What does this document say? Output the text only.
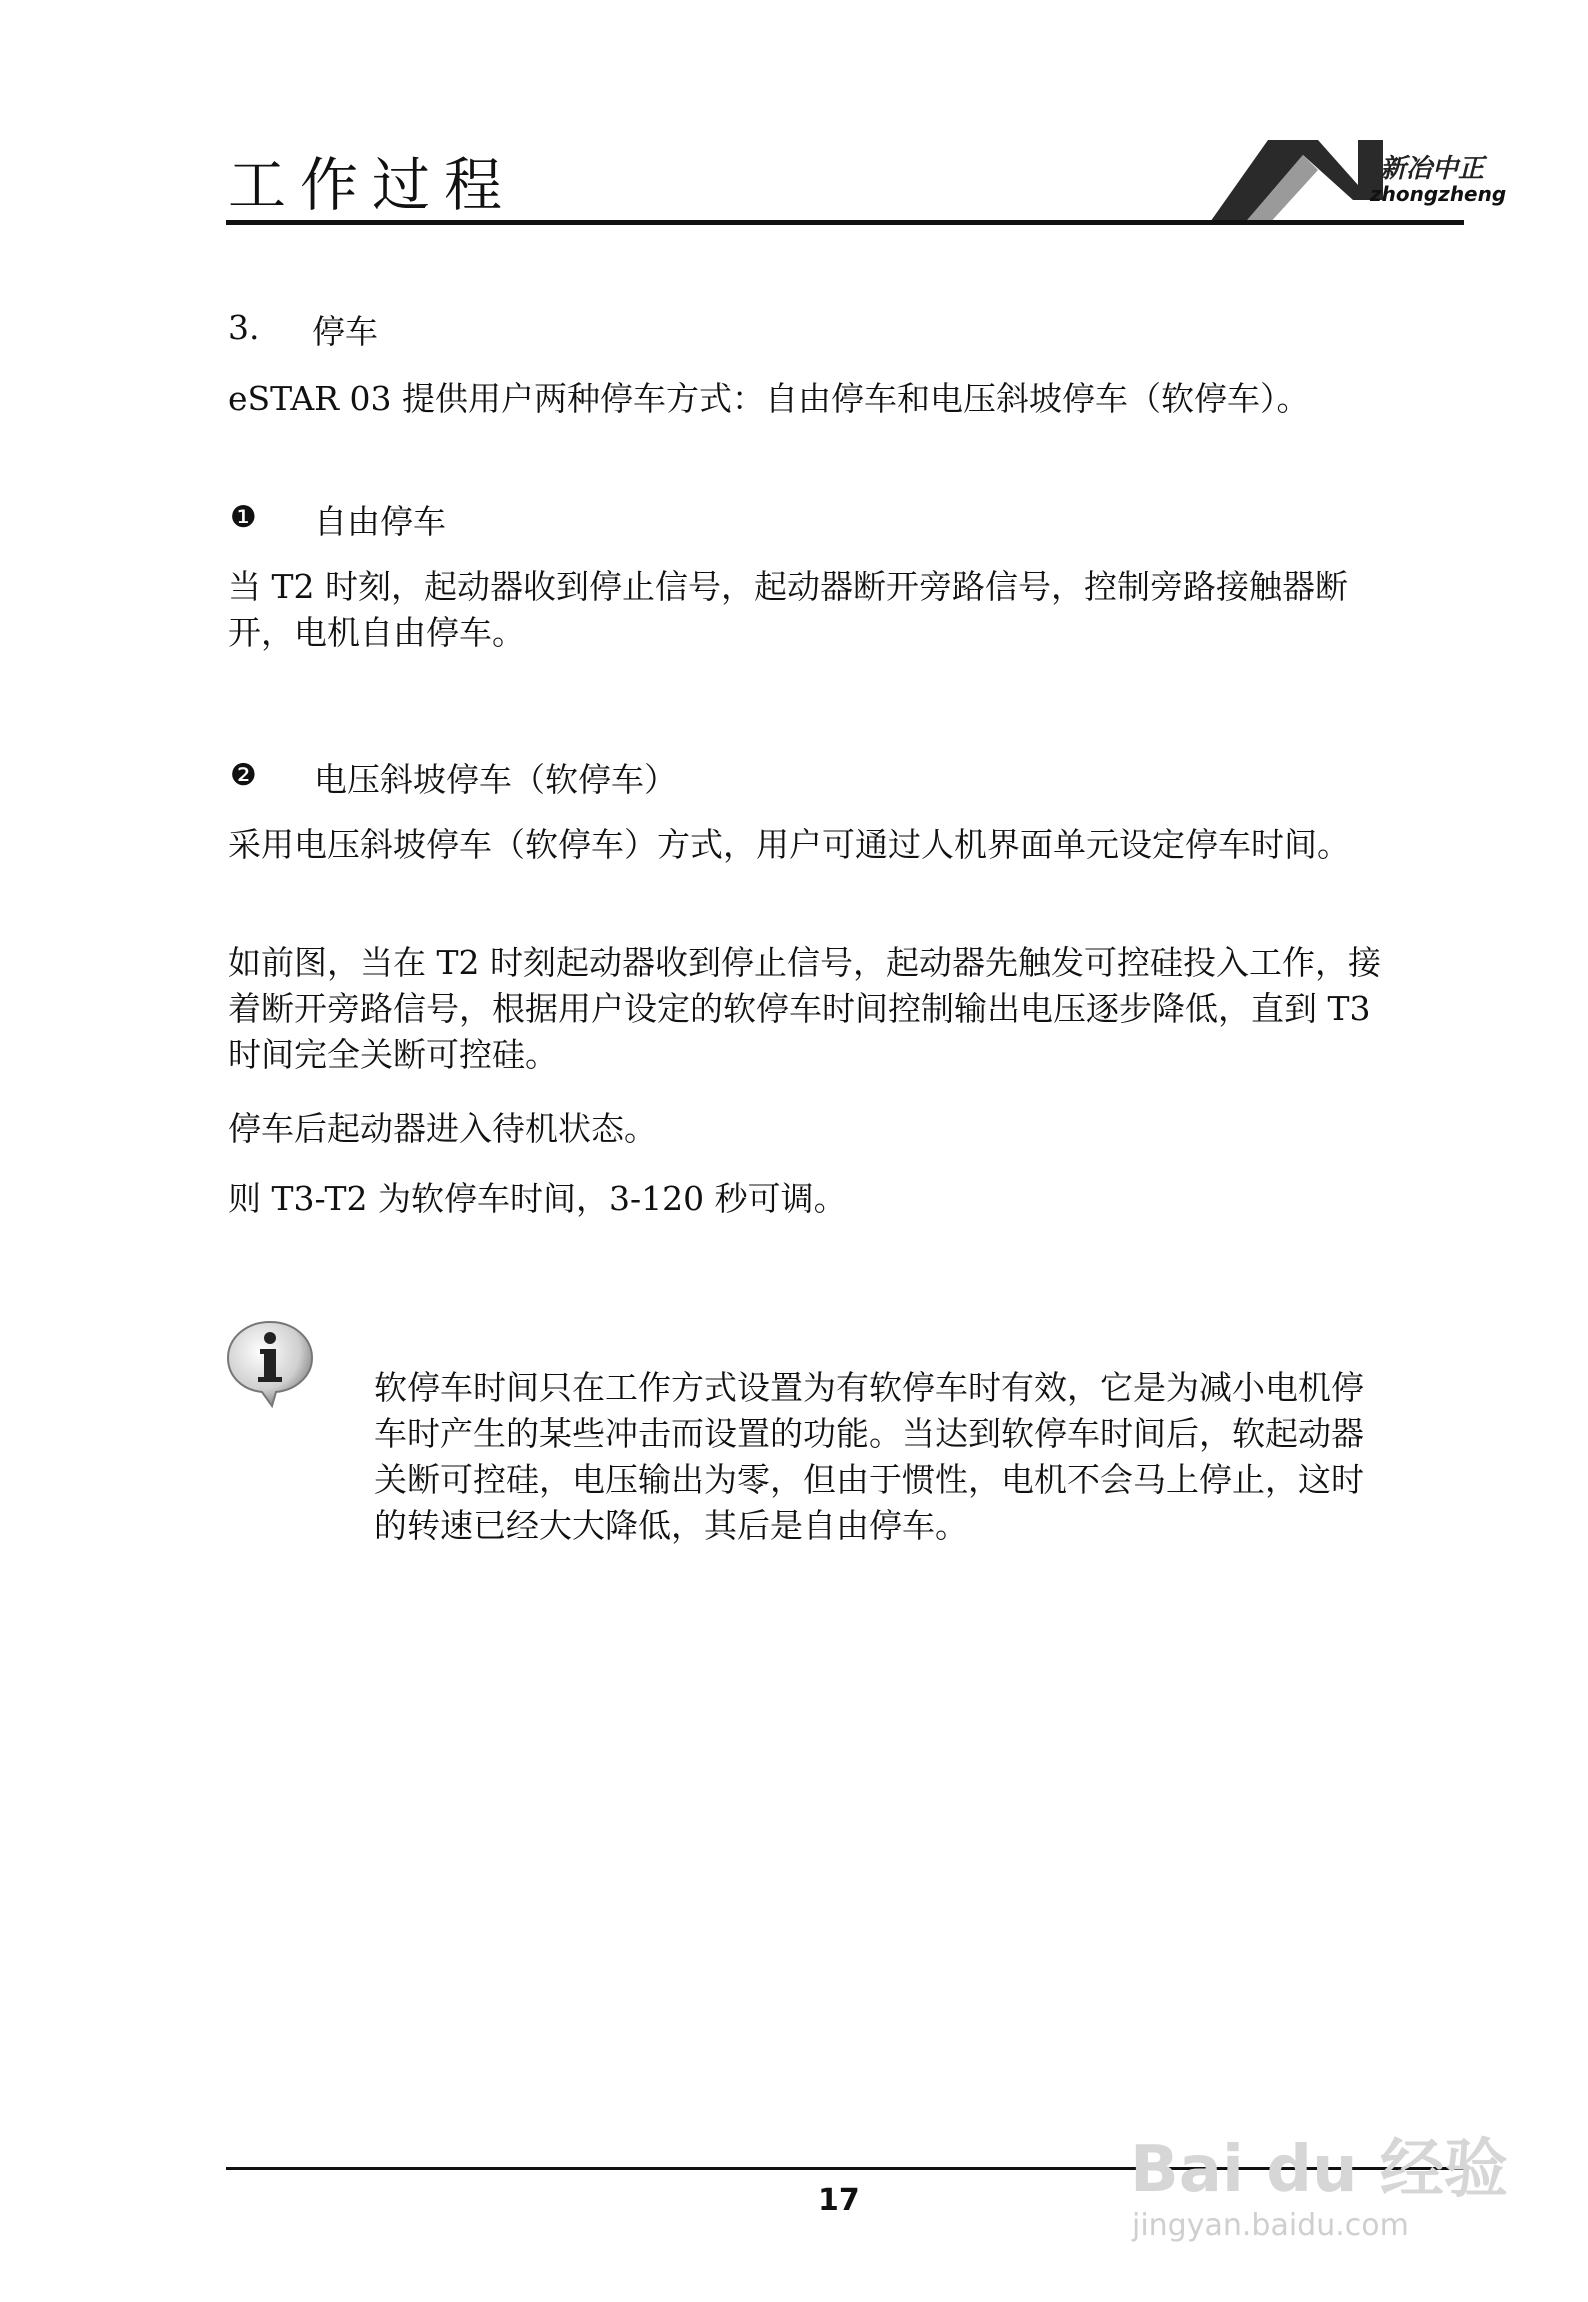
工作过程	新冶中正
zhongzheng
3. 停车
eSTAR 03 提供用户两种停车方式：自由停车和电压斜坡停车（软停车）。
❶ 自由停车
当 T2 时刻，起动器收到停止信号，起动器断开旁路信号，控制旁路接触器断开，电机自由停车。
❷ 电压斜坡停车（软停车）
采用电压斜坡停车（软停车）方式，用户可通过人机界面单元设定停车时间。
如前图，当在 T2 时刻起动器收到停止信号，起动器先触发可控硅投入工作，接着断开旁路信号，根据用户设定的软停车时间控制输出电压逐步降低，直到 T3 时间完全关断可控硅。
停车后起动器进入待机状态。
则 T3-T2 为软停车时间，3-120 秒可调。
软停车时间只在工作方式设置为有软停车时有效，它是为减小电机停车时产生的某些冲击而设置的功能。当达到软停车时间后，软起动器关断可控硅，电压输出为零，但由于惯性，电机不会马上停止，这时的转速已经大大降低，其后是自由停车。
17	Bai du 经验
jingyan.baidu.com
